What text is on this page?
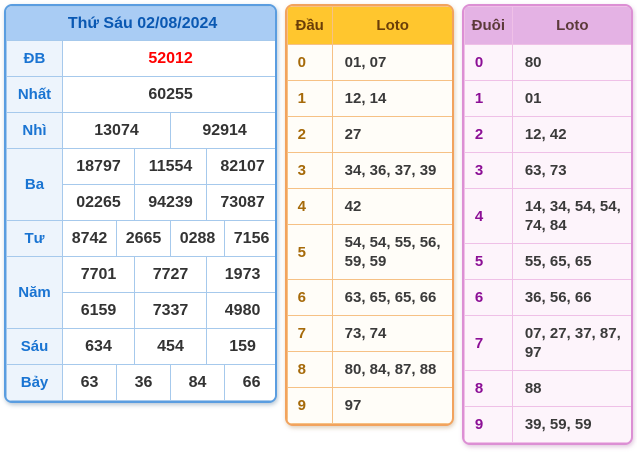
Thứ Sáu 02/08/2024						
ĐB	52012					
Nhất	60255					
Nhì	13074			92914		
Ba	18797		11554		82107	
	02265		94239		73087	
Tư	8742	2665		0288		7156
Năm	7701		7727		1973	
	6159		7337		4980	
Sáu	634		454		159	
Bảy	63	36		84		66
Đầu	Loto
0	01, 07
1	12, 14
2	27
3	34, 36, 37, 39
4	42
5	54, 54, 55, 56, 59, 59
6	63, 65, 65, 66
7	73, 74
8	80, 84, 87, 88
9	97
Đuôi	Loto
0	80
1	01
2	12, 42
3	63, 73
4	14, 34, 54, 54, 74, 84
5	55, 65, 65
6	36, 56, 66
7	07, 27, 37, 87, 97
8	88
9	39, 59, 59
